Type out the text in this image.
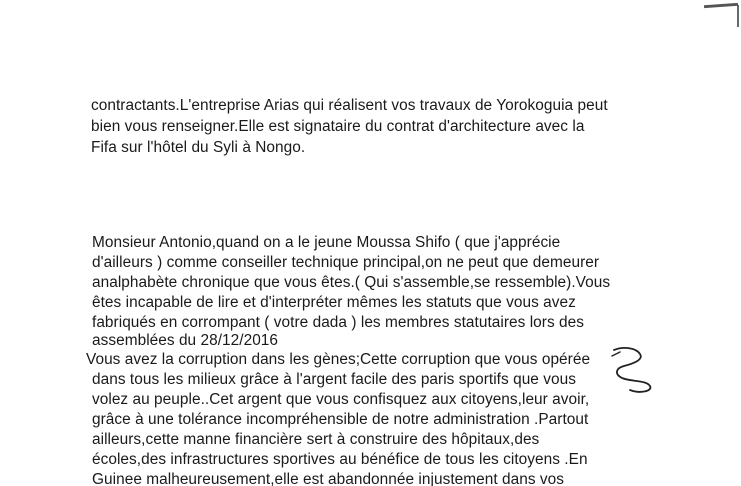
contractants.L'entreprise Arias qui réalisent vos travaux de Yorokoguia peut
bien vous renseigner.Elle est signataire du contrat d'architecture avec la
Fifa sur l'hôtel du Syli à Nongo.
Monsieur Antonio,quand on a le jeune Moussa Shifo ( que j'apprécie
d'ailleurs ) comme conseiller technique principal,on ne peut que demeurer
analphabète chronique que vous êtes.( Qui s'assemble,se ressemble).Vous
êtes incapable de lire et d'interpréter mêmes les statuts que vous avez
fabriqués en corrompant ( votre dada ) les membres statutaires lors des
assemblées du 28/12/2016
Vous avez la corruption dans les gènes;Cette corruption que vous opérée
dans tous les milieux grâce à l'argent facile des paris sportifs que vous
volez au peuple..Cet argent que vous confisquez aux citoyens,leur avoir,
grâce à une tolérance incompréhensible de notre administration .Partout
ailleurs,cette manne financière sert à construire des hôpitaux,des
écoles,des infrastructures sportives au bénéfice de tous les citoyens .En
Guinee malheureusement,elle est abandonnée injustement dans vos
